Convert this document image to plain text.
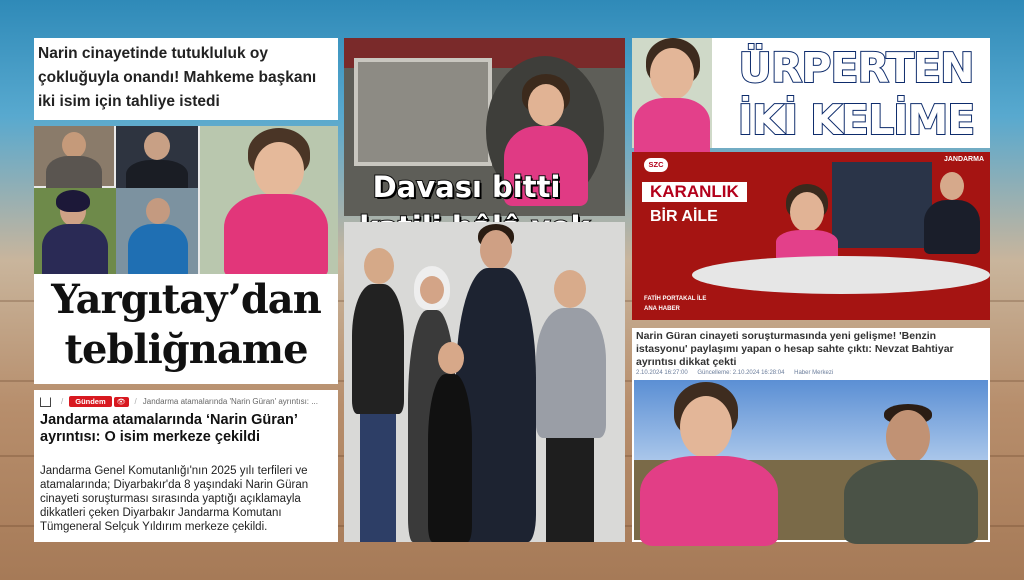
Narin cinayetinde tutukluluk oy çokluğuyla onandı! Mahkeme başkanı iki isim için tahliye istedi
Yargıtay’dan
tebliğname
/ Gündem 👁 / Jandarma atamalarında 'Narin Güran' ayrıntısı: ...
Jandarma atamalarında ‘Narin Güran’ ayrıntısı: O isim merkeze çekildi
Jandarma Genel Komutanlığı'nın 2025 yılı terfileri ve atamalarında; Diyarbakır'da 8 yaşındaki Narin Güran cinayeti soruşturması sırasında yaptığı açıklamayla dikkatleri çeken Diyarbakır Jandarma Komutanı Tümgeneral Selçuk Yıldırım merkeze çekildi.
Davası bitti
ÜRPERTEN
İKİ KELİME
SZC
JANDARMA
KARANLIK
BİR AİLE
FATİH PORTAKAL İLE
ANA HABER
Narin Güran cinayeti soruşturmasında yeni gelişme! 'Benzin istasyonu' paylaşımı yapan o hesap sahte çıktı: Nevzat Bahtiyar ayrıntısı dikkat çekti
2.10.2024 16:27:00 Güncelleme: 2.10.2024 16:28:04 Haber Merkezi
